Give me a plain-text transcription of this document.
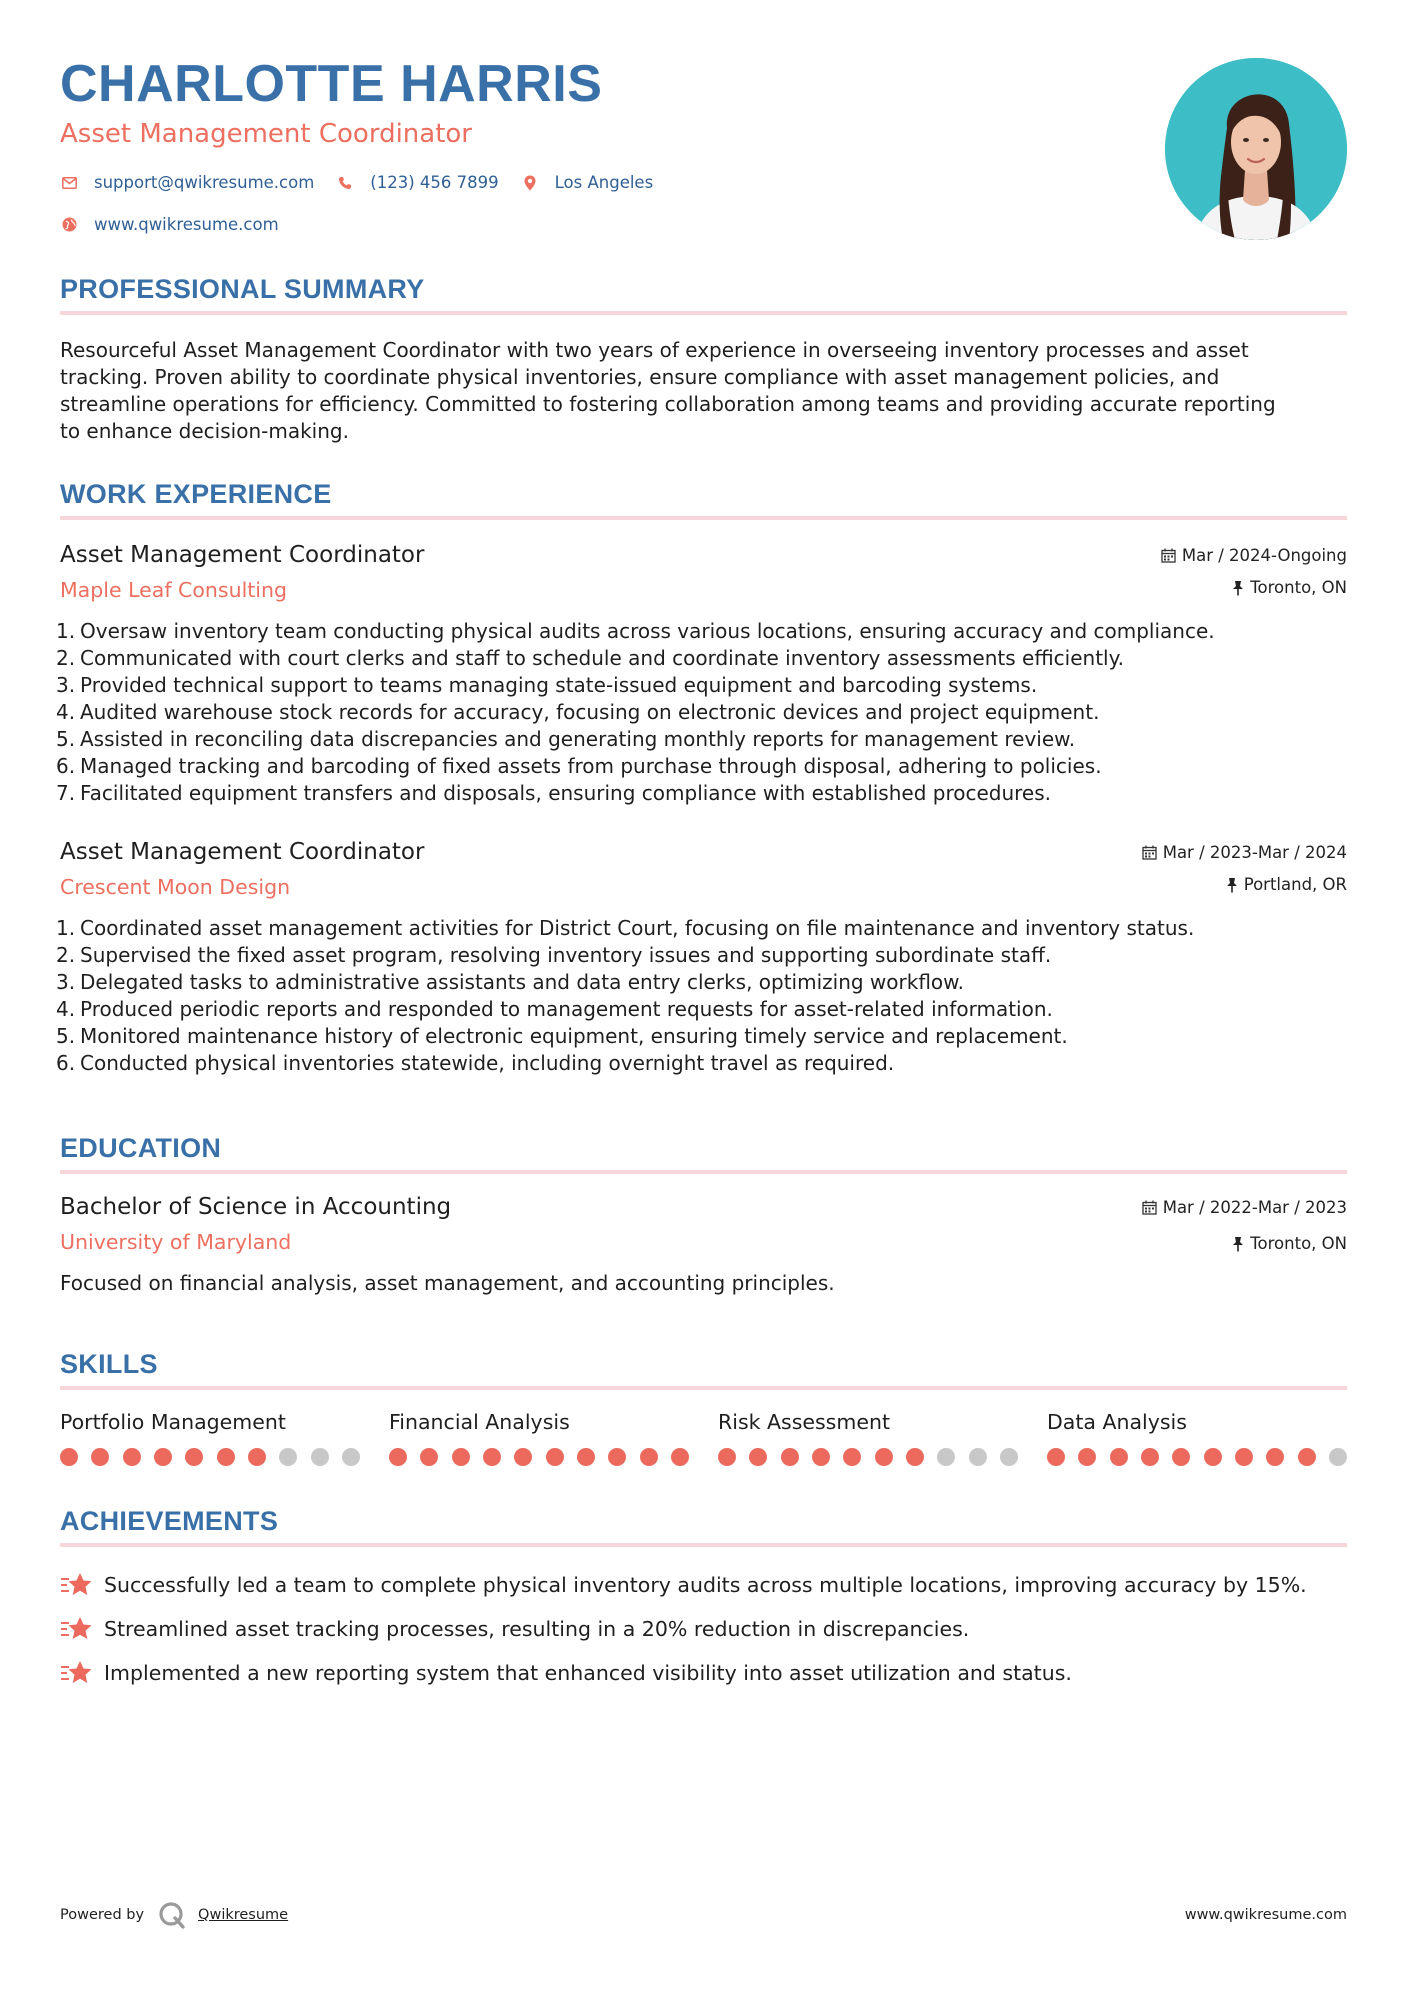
CHARLOTTE HARRIS
Asset Management Coordinator
support@qwikresume.com	(123) 456 7899	Los Angeles
www.qwikresume.com
PROFESSIONAL SUMMARY
Resourceful Asset Management Coordinator with two years of experience in overseeing inventory processes and asset
tracking. Proven ability to coordinate physical inventories, ensure compliance with asset management policies, and
streamline operations for efficiency. Committed to fostering collaboration among teams and providing accurate reporting
to enhance decision-making.
WORK EXPERIENCE
Asset Management Coordinator
Maple Leaf Consulting
Mar / 2024-Ongoing
Toronto, ON
1. Oversaw inventory team conducting physical audits across various locations, ensuring accuracy and compliance.
2. Communicated with court clerks and staff to schedule and coordinate inventory assessments efficiently.
3. Provided technical support to teams managing state-issued equipment and barcoding systems.
4. Audited warehouse stock records for accuracy, focusing on electronic devices and project equipment.
5. Assisted in reconciling data discrepancies and generating monthly reports for management review.
6. Managed tracking and barcoding of fixed assets from purchase through disposal, adhering to policies.
7. Facilitated equipment transfers and disposals, ensuring compliance with established procedures.
Asset Management Coordinator
Crescent Moon Design
Mar / 2023-Mar / 2024
Portland, OR
1. Coordinated asset management activities for District Court, focusing on file maintenance and inventory status.
2. Supervised the fixed asset program, resolving inventory issues and supporting subordinate staff.
3. Delegated tasks to administrative assistants and data entry clerks, optimizing workflow.
4. Produced periodic reports and responded to management requests for asset-related information.
5. Monitored maintenance history of electronic equipment, ensuring timely service and replacement.
6. Conducted physical inventories statewide, including overnight travel as required.
EDUCATION
Bachelor of Science in Accounting
University of Maryland
Mar / 2022-Mar / 2023
Toronto, ON
Focused on financial analysis, asset management, and accounting principles.
SKILLS
Portfolio Management	Financial Analysis	Risk Assessment	Data Analysis
ACHIEVEMENTS
Successfully led a team to complete physical inventory audits across multiple locations, improving accuracy by 15%.
Streamlined asset tracking processes, resulting in a 20% reduction in discrepancies.
Implemented a new reporting system that enhanced visibility into asset utilization and status.
Powered by	Qwikresume	www.qwikresume.com
